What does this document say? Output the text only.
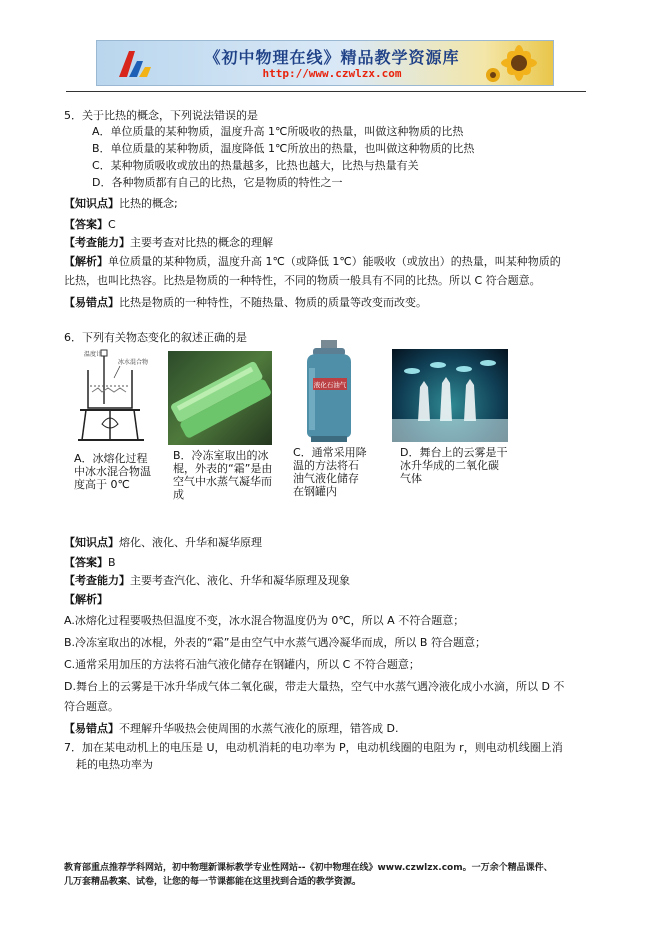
《初中物理在线》精品教学资源库
http://www.czwlzx.com
5．关于比热的概念，下列说法错误的是
A．单位质量的某种物质，温度升高 1℃所吸收的热量，叫做这种物质的比热
B．单位质量的某种物质，温度降低 1℃所放出的热量，也叫做这种物质的比热
C．某种物质吸收或放出的热量越多，比热也越大，比热与热量有关
D．各种物质都有自己的比热，它是物质的特性之一
【知识点】比热的概念;
【答案】C
【考查能力】主要考查对比热的概念的理解
【解析】单位质量的某种物质，温度升高 1℃（或降低 1℃）能吸收（或放出）的热量，叫某种物质的
比热，也叫比热容。比热是物质的一种特性，不同的物质一般具有不同的比热。所以 C 符合题意。
【易错点】比热是物质的一种特性，不随热量、物质的质量等改变而改变。
6．下列有关物态变化的叙述正确的是
温度计
冰水混合物
液化石油气
A．冰熔化过程中冰水混合物温度高于 0℃
B．冷冻室取出的冰棍，外表的“霜”是由空气中水蒸气凝华而成
C．通常采用降温的方法将石油气液化储存在钢罐内
D．舞台上的云雾是干冰升华成的二氧化碳气体
【知识点】熔化、液化、升华和凝华原理
【答案】B
【考查能力】主要考查汽化、液化、升华和凝华原理及现象
【解析】
A.冰熔化过程要吸热但温度不变，冰水混合物温度仍为 0℃，所以 A 不符合题意；
B.冷冻室取出的冰棍，外表的“霜”是由空气中水蒸气遇冷凝华而成，所以 B 符合题意；
C.通常采用加压的方法将石油气液化储存在钢罐内，所以 C 不符合题意；
D.舞台上的云雾是干冰升华成气体二氧化碳，带走大量热，空气中水蒸气遇冷液化成小水滴，所以 D 不
符合题意。
【易错点】不理解升华吸热会使周围的水蒸气液化的原理，错答成 D.
7．加在某电动机上的电压是 U，电动机消耗的电功率为 P，电动机线圈的电阻为 r，则电动机线圈上消
耗的电热功率为
教育部重点推荐学科网站，初中物理新课标教学专业性网站--《初中物理在线》www.czwlzx.com。一万余个精品课件、
几万套精品教案、试卷，让您的每一节课都能在这里找到合适的教学资源。
